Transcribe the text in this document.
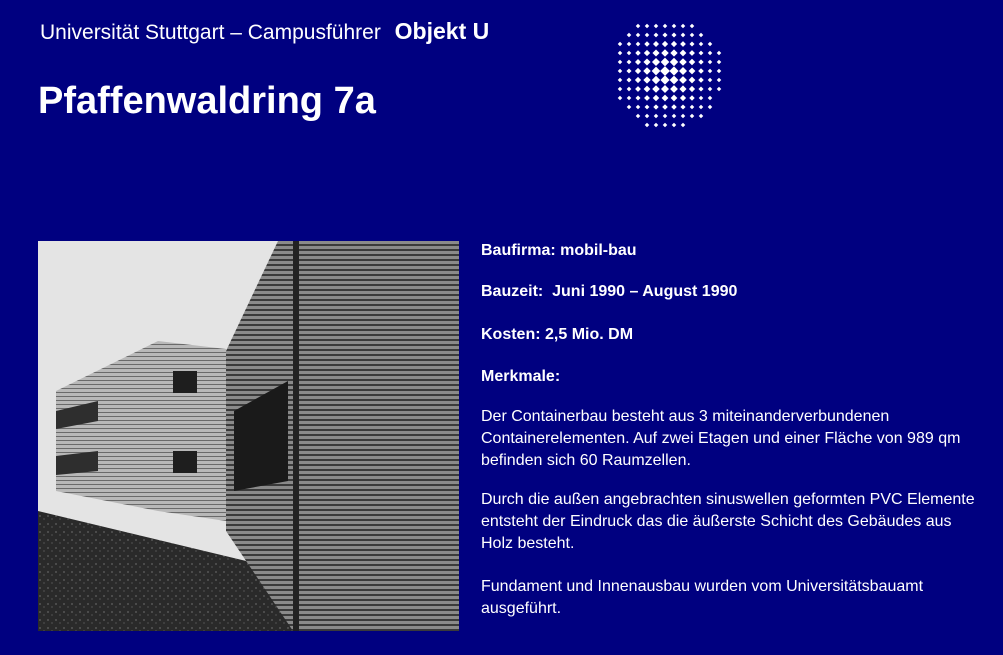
Universität Stuttgart – Campusführer Objekt U
Pfaffenwaldring 7a
Baufirma: mobil-bau
Bauzeit: Juni 1990 – August 1990
Kosten: 2,5 Mio. DM
Merkmale:

Der Containerbau besteht aus 3 miteinanderverbundenen Containerelementen. Auf zwei Etagen und einer Fläche von 989 qm befinden sich 60 Raumzellen.

Durch die außen angebrachten sinuswellen geformten PVC Elemente entsteht der Eindruck das die äußerste Schicht des Gebäudes aus Holz besteht.

Fundament und Innenausbau wurden vom Universitätsbauamt ausgeführt.
